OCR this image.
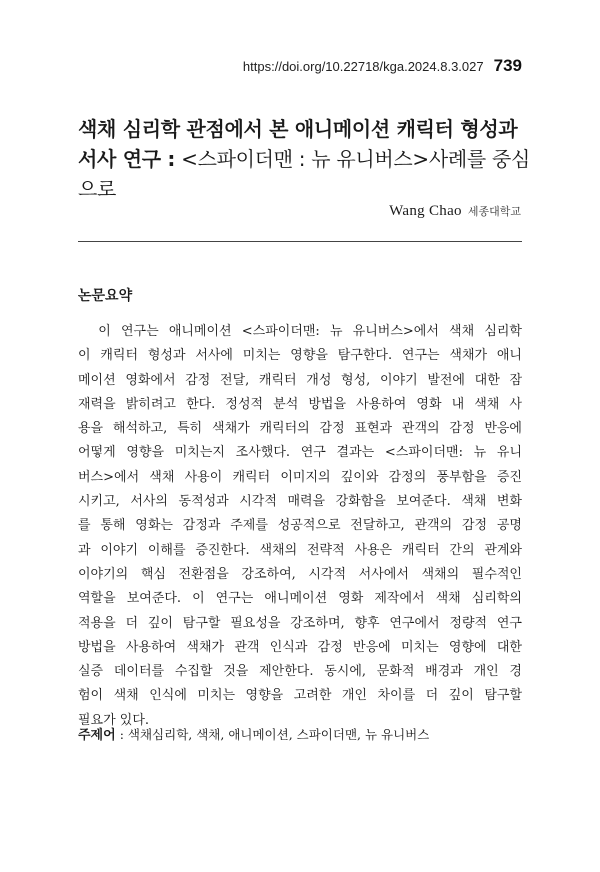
https://doi.org/10.22718/kga.2024.8.3.027 739
색채 심리학 관점에서 본 애니메이션 캐릭터 형성과
서사 연구 : <스파이더맨 : 뉴 유니버스>사례를 중심으로
Wang Chao 세종대학교
논문요약
이 연구는 애니메이션 <스파이더맨: 뉴 유니버스>에서 색채 심리학
이 캐릭터 형성과 서사에 미치는 영향을 탐구한다. 연구는 색채가 애니
메이션 영화에서 감정 전달, 캐릭터 개성 형성, 이야기 발전에 대한 잠
재력을 밝히려고 한다. 정성적 분석 방법을 사용하여 영화 내 색채 사
용을 해석하고, 특히 색채가 캐릭터의 감정 표현과 관객의 감정 반응에
어떻게 영향을 미치는지 조사했다. 연구 결과는 <스파이더맨: 뉴 유니
버스>에서 색채 사용이 캐릭터 이미지의 깊이와 감정의 풍부함을 증진
시키고, 서사의 동적성과 시각적 매력을 강화함을 보여준다. 색채 변화
를 통해 영화는 감정과 주제를 성공적으로 전달하고, 관객의 감정 공명
과 이야기 이해를 증진한다. 색채의 전략적 사용은 캐릭터 간의 관계와
이야기의 핵심 전환점을 강조하여, 시각적 서사에서 색채의 필수적인
역할을 보여준다. 이 연구는 애니메이션 영화 제작에서 색채 심리학의
적용을 더 깊이 탐구할 필요성을 강조하며, 향후 연구에서 정량적 연구
방법을 사용하여 색채가 관객 인식과 감정 반응에 미치는 영향에 대한
실증 데이터를 수집할 것을 제안한다. 동시에, 문화적 배경과 개인 경
험이 색채 인식에 미치는 영향을 고려한 개인 차이를 더 깊이 탐구할
필요가 있다.
주제어 : 색채심리학, 색채, 애니메이션, 스파이더맨, 뉴 유니버스
